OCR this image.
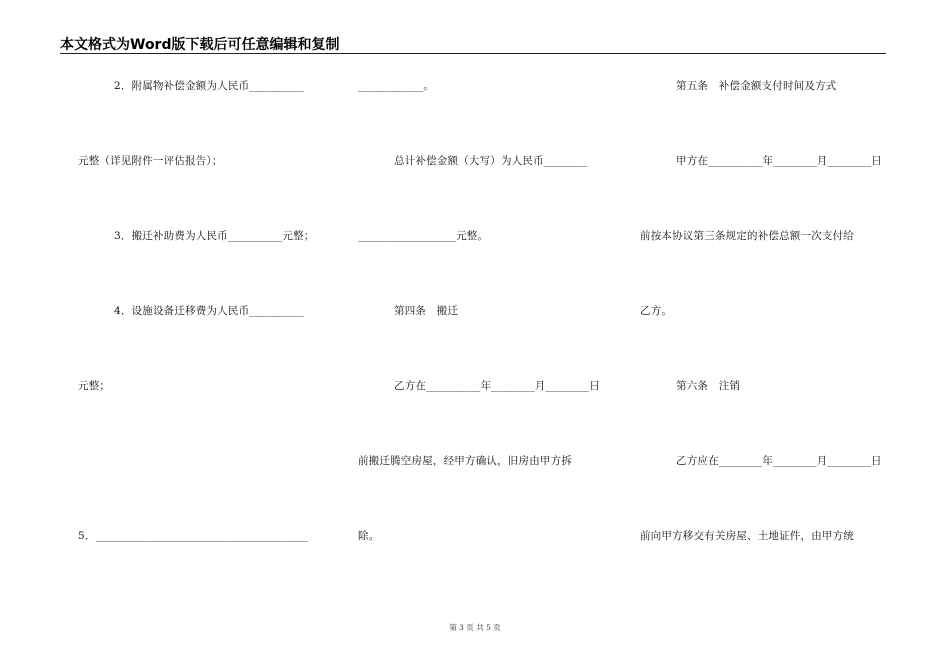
本文格式为Word版下载后可任意编辑和复制
2．附属物补偿金额为人民币__________
元整（详见附件一评估报告）；
3．搬迁补助费为人民币__________元整；
4．设施设备迁移费为人民币__________
元整；
5．_______________________________________
____________。
总计补偿金额（大写）为人民币________
__________________元整。
第四条　搬迁
乙方在__________年________月________日
前搬迁腾空房屋，经甲方确认，旧房由甲方拆
除。
第五条　补偿金额支付时间及方式
甲方在__________年________月________日
前按本协议第三条规定的补偿总额一次支付给
乙方。
第六条　注销
乙方应在________年________月________日
前向甲方移交有关房屋、土地证件，由甲方统
第 3 页 共 5 页
